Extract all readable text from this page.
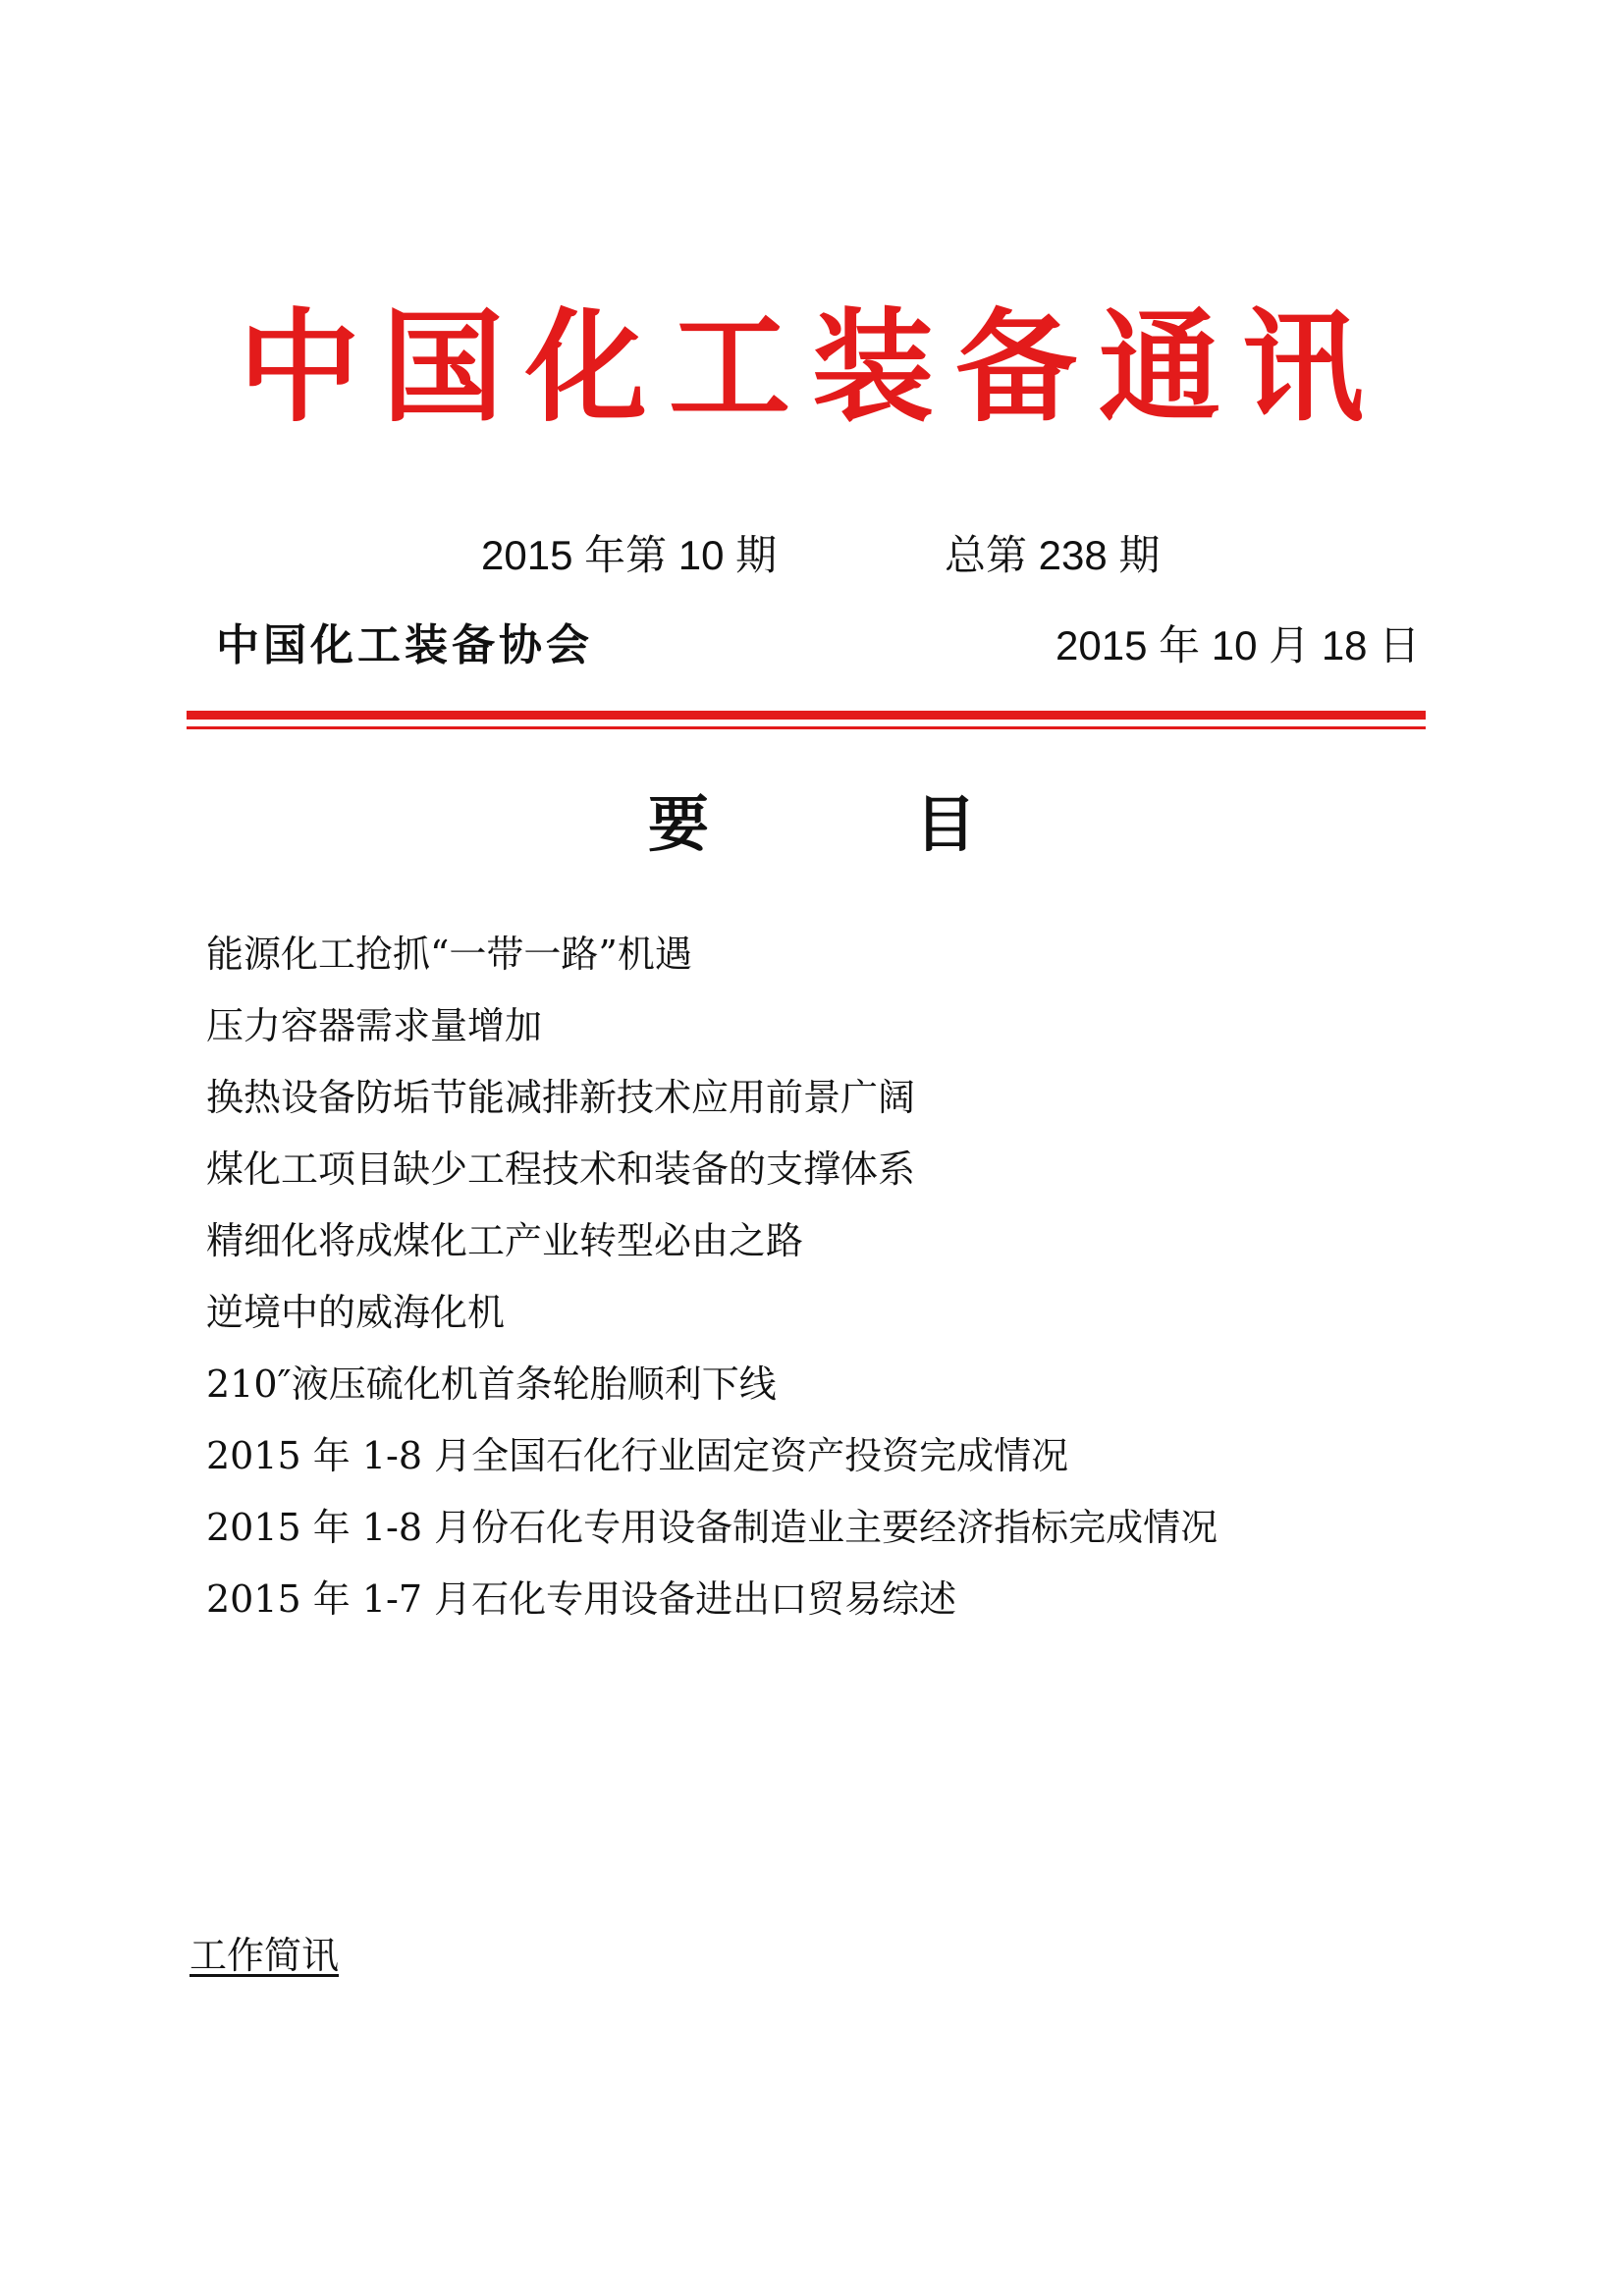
中国化工装备通讯
2015 年第 10 期	总第 238 期
中国化工装备协会	2015 年 10 月 18 日
要目
能源化工抢抓“一带一路”机遇
压力容器需求量增加
换热设备防垢节能减排新技术应用前景广阔
煤化工项目缺少工程技术和装备的支撑体系
精细化将成煤化工产业转型必由之路
逆境中的威海化机
210″液压硫化机首条轮胎顺利下线
2015 年 1-8 月全国石化行业固定资产投资完成情况
2015 年 1-8 月份石化专用设备制造业主要经济指标完成情况
2015 年 1-7 月石化专用设备进出口贸易综述
工作简讯
